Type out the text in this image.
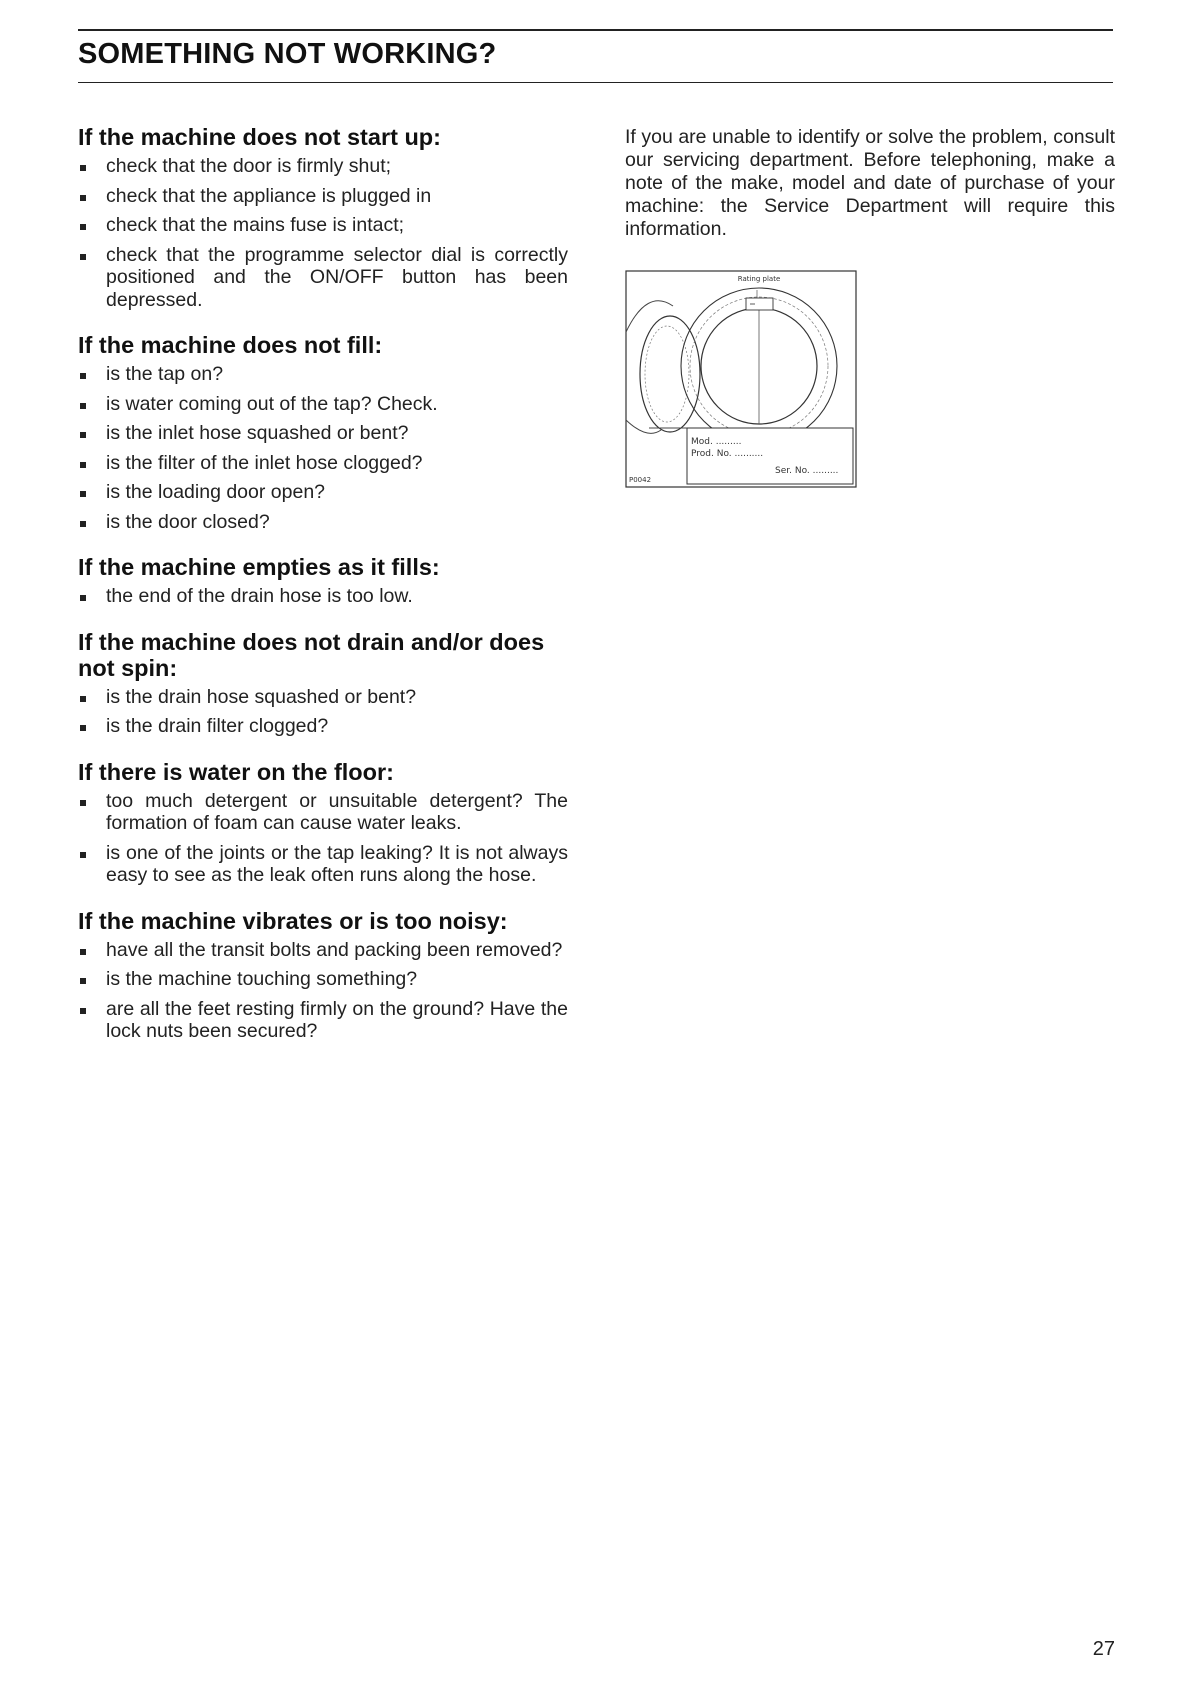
SOMETHING NOT WORKING?
If the machine does not start up:
check that the door is firmly shut;
check that the appliance is plugged in
check that the mains fuse is intact;
check that the programme selector dial is correctly positioned and the ON/OFF button has been depressed.
If the machine does not fill:
is the tap on?
is water coming out of the tap? Check.
is the inlet hose squashed or bent?
is the filter of the inlet hose clogged?
is the loading door open?
is the door closed?
If the machine empties as it fills:
the end of the drain hose is too low.
If the machine does not drain and/or does not spin:
is the drain hose squashed or bent?
is the drain filter clogged?
If there is water on the floor:
too much detergent or unsuitable detergent? The formation of foam can cause water leaks.
is one of the joints or the tap leaking? It is not always easy to see as the leak often runs along the hose.
If the machine vibrates or is too noisy:
have all the transit bolts and packing been removed?
is the machine touching something?
are all the feet resting firmly on the ground? Have the lock nuts been secured?

If you are unable to identify or solve the problem, consult our servicing department. Before telephoning, make a note of the make, model and date of purchase of your machine: the Service Department will require this information.

Rating plate
Mod. .........
Prod. No. ..........
Ser. No. .........
P0042
27
